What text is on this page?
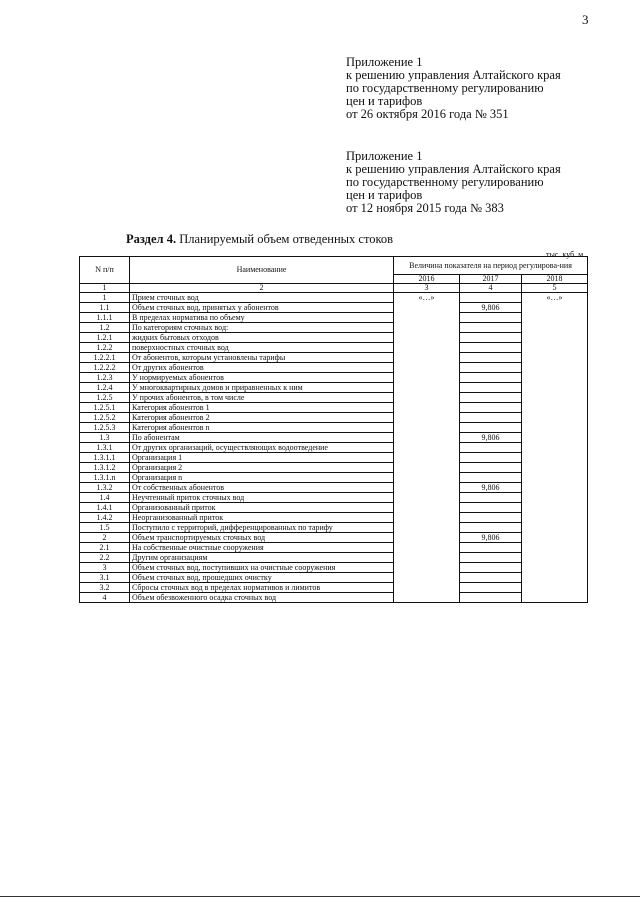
3
Приложение 1
к решению управления Алтайского края
по государственному регулированию
цен и тарифов
от 26 октября 2016 года № 351
Приложение 1
к решению управления Алтайского края
по государственному регулированию
цен и тарифов
от 12 ноября 2015 года № 383
Раздел 4. Планируемый объем отведенных стоков
тыс. куб. м
N п/п	Наименование	Величина показателя на период регулирова-ния		
		2016	2017	2018
1	2	3	4	5
1	Прием сточных вод	«…»		«…»
1.1	Объем сточных вод, принятых у абонентов		9,806	
1.1.1	В пределах норматива по объему			
1.2	По категориям сточных вод:			
1.2.1	жидких бытовых отходов			
1.2.2	поверхностных сточных вод			
1.2.2.1	От абонентов, которым установлены тарифы			
1.2.2.2	От других абонентов			
1.2.3	У нормируемых абонентов			
1.2.4	У многоквартирных домов и приравненных к ним			
1.2.5	У прочих абонентов, в том числе			
1.2.5.1	Категория абонентов 1			
1.2.5.2	Категория абонентов 2			
1.2.5.3	Категория абонентов n			
1.3	По абонентам		9,806	
1.3.1	От других организаций, осуществляющих водоотведение			
1.3.1.1	Организация 1			
1.3.1.2	Организация 2			
1.3.1.n	Организация n			
1.3.2	От собственных абонентов		9,806	
1.4	Неучтенный приток сточных вод			
1.4.1	Организованный приток			
1.4.2	Неорганизованный приток			
1.5	Поступило с территорий, дифференцированных по тарифу			
2	Объем транспортируемых сточных вод		9,806	
2.1	На собственные очистные сооружения			
2.2	Другим организациям			
3	Объем сточных вод, поступивших на очистные сооружения			
3.1	Объем сточных вод, прошедших очистку			
3.2	Сбросы сточных вод в пределах нормативов и лимитов			
4	Объем обезвоженного осадка сточных вод			
